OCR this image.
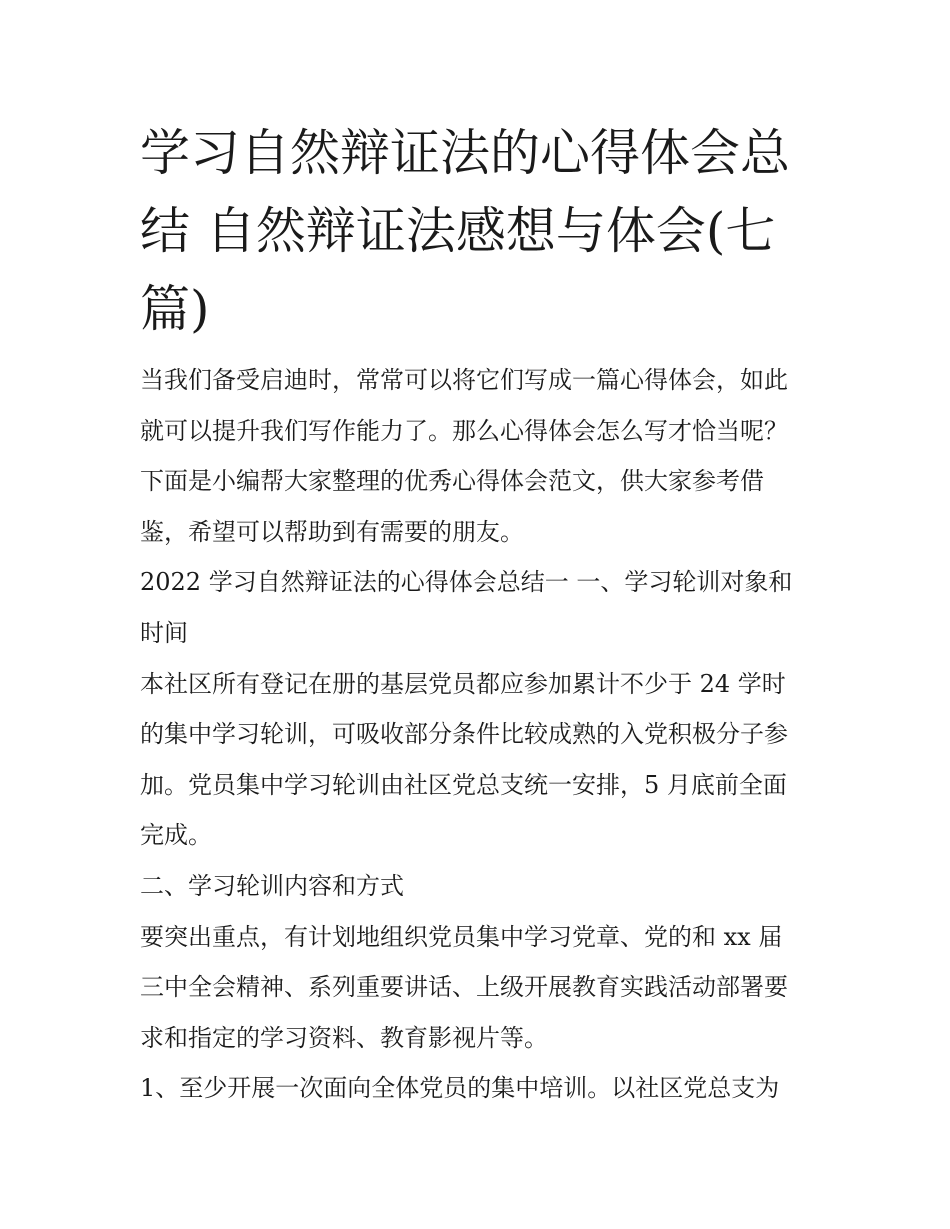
学习自然辩证法的心得体会总
结 自然辩证法感想与体会(七
篇)

当我们备受启迪时，常常可以将它们写成一篇心得体会，如此
就可以提升我们写作能力了。那么心得体会怎么写才恰当呢？
下面是小编帮大家整理的优秀心得体会范文，供大家参考借
鉴，希望可以帮助到有需要的朋友。

2022 学习自然辩证法的心得体会总结一 一、学习轮训对象和
时间

本社区所有登记在册的基层党员都应参加累计不少于 24 学时
的集中学习轮训，可吸收部分条件比较成熟的入党积极分子参
加。党员集中学习轮训由社区党总支统一安排，5 月底前全面
完成。

二、学习轮训内容和方式

要突出重点，有计划地组织党员集中学习党章、党的和 xx 届
三中全会精神、系列重要讲话、上级开展教育实践活动部署要
求和指定的学习资料、教育影视片等。

1、至少开展一次面向全体党员的集中培训。以社区党总支为
